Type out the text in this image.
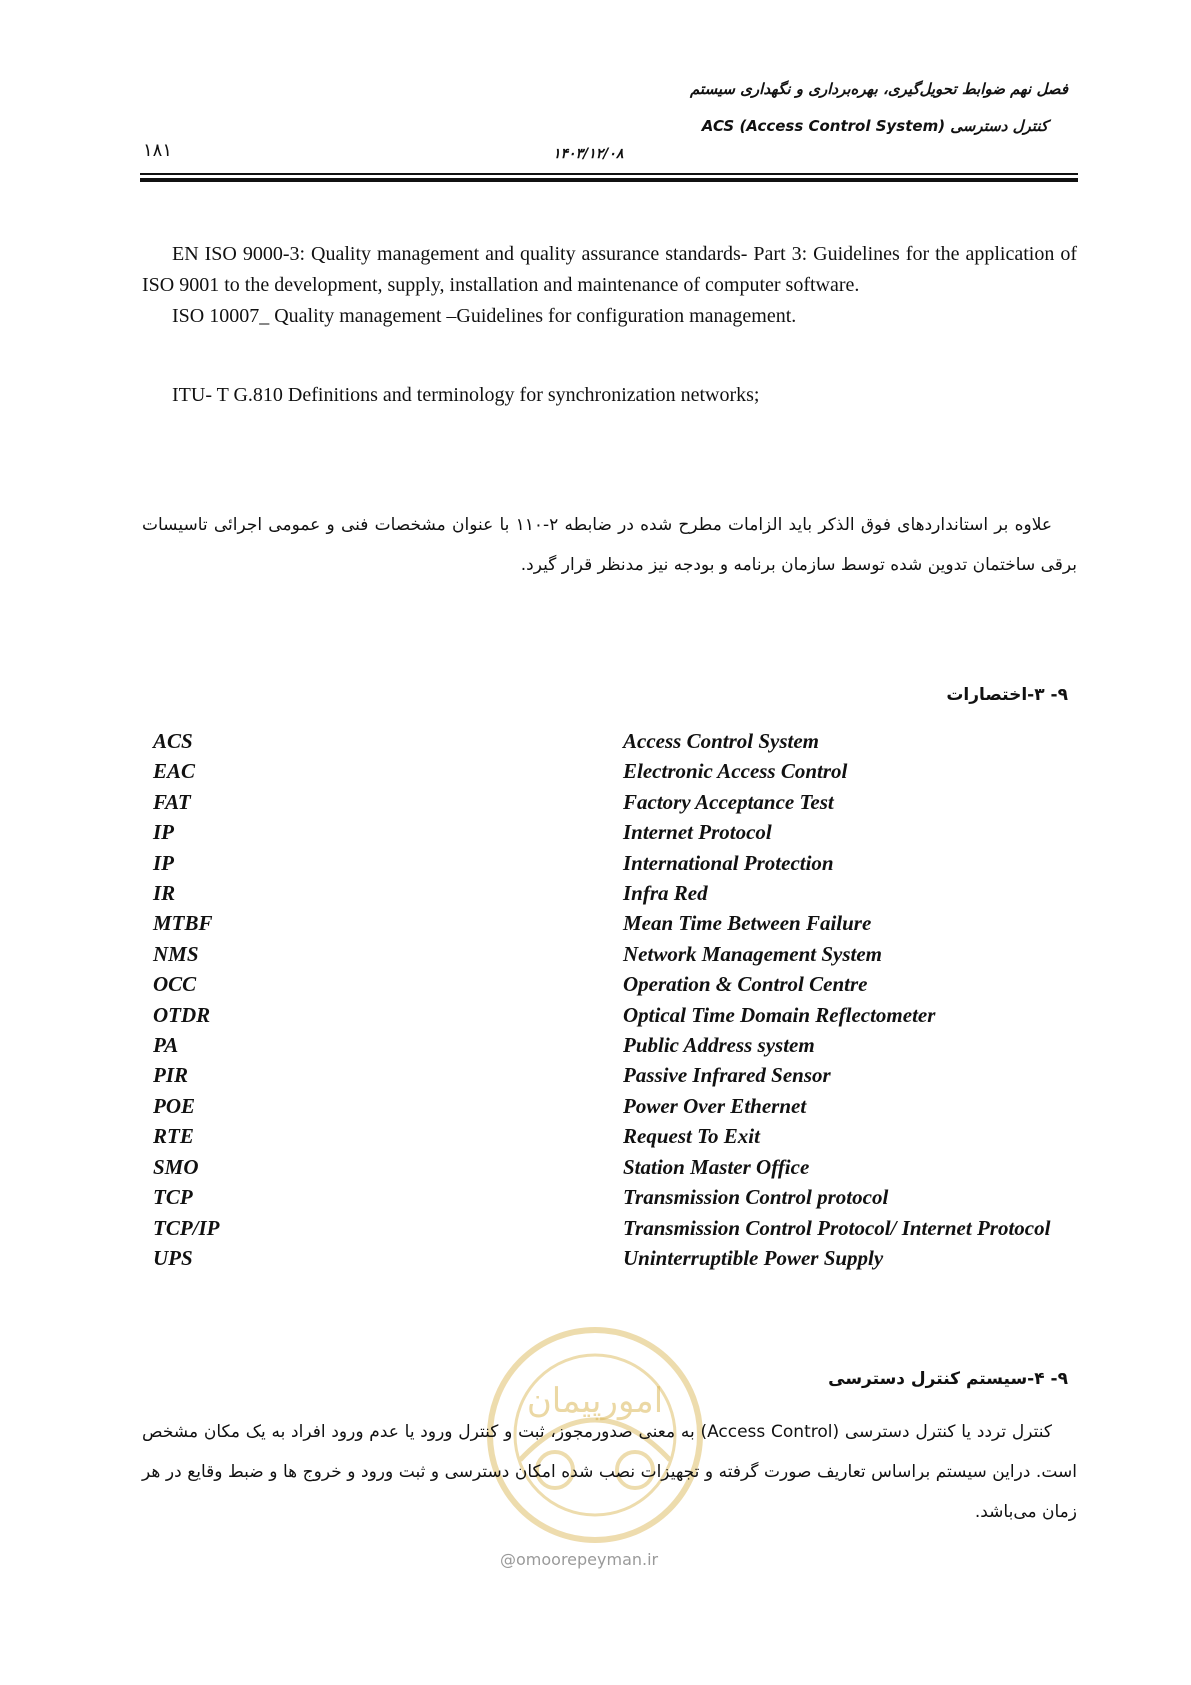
فصل نهم ضوابط تحویل‌گیری، بهره‌برداری و نگهداری سیستم
کنترل دسترسی (ACS (Access Control System
۱۸۱	۱۴۰۳/۱۲/۰۸

EN ISO 9000-3: Quality management and quality assurance standards- Part 3: Guidelines for the application of ISO 9001 to the development, supply, installation and maintenance of computer software.

ISO 10007_ Quality management –Guidelines for configuration management.

ITU- T G.810 Definitions and terminology for synchronization networks;

علاوه بر استانداردهای فوق الذکر باید الزامات مطرح شده در ضابطه ۲-۱۱۰ با عنوان مشخصات فنی و عمومی اجرائی تاسیسات برقی ساختمان تدوین شده توسط سازمان برنامه و بودجه نیز مدنظر قرار گیرد.
۹- ۳-اختصارات
ACS	Access Control System
EAC	Electronic Access Control
FAT	Factory Acceptance Test
IP	Internet Protocol
IP	International Protection
IR	Infra Red
MTBF	Mean Time Between Failure
NMS	Network Management System
OCC	Operation & Control Centre
OTDR	Optical Time Domain Reflectometer
PA	Public Address system
PIR	Passive Infrared Sensor
POE	Power Over Ethernet
RTE	Request To Exit
SMO	Station Master Office
TCP	Transmission Control protocol
TCP/IP	Transmission Control Protocol/ Internet Protocol
UPS	Uninterruptible Power Supply
امورپیمان
@omoorepeyman.ir
۹- ۴-سیستم کنترل دسترسی
کنترل تردد یا کنترل دسترسی (Access Control) به معنی صدورمجوز، ثبت و کنترل ورود یا عدم ورود افراد به یک مکان مشخص است. دراین سیستم براساس تعاریف صورت گرفته و تجهیزات نصب شده امکان دسترسی و ثبت ورود و خروج ها و ضبط وقایع در هر زمان می‌باشد.
